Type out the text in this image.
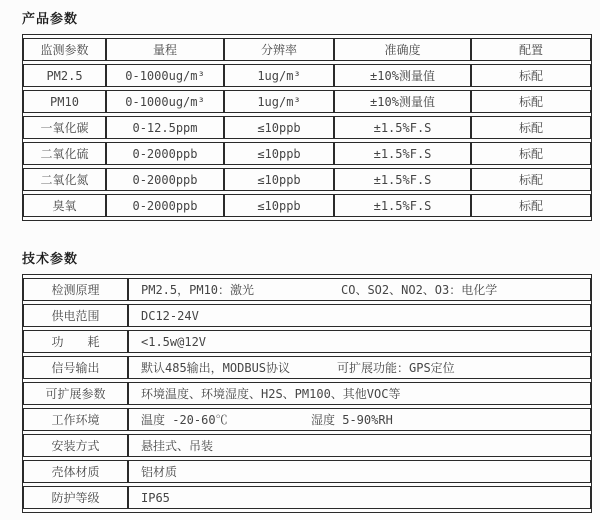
产品参数
监测参数	量程	分辨率	准确度	配置
PM2.5	0-1000ug/m³	1ug/m³	±10%测量值	标配
PM10	0-1000ug/m³	1ug/m³	±10%测量值	标配
一氧化碳	0-12.5ppm	≤10ppb	±1.5%F.S	标配
二氧化硫	0-2000ppb	≤10ppb	±1.5%F.S	标配
二氧化氮	0-2000ppb	≤10ppb	±1.5%F.S	标配
臭氧	0-2000ppb	≤10ppb	±1.5%F.S	标配
技术参数
检测原理	PM2.5，PM10：激光 CO、SO2、NO2、O3：电化学
供电范围	DC12-24V
功　　耗	<1.5w@12V
信号输出	默认485输出，MODBUS协议 可扩展功能：GPS定位
可扩展参数	环境温度、环境湿度、H2S、PM100、其他VOC等
工作环境	温度 -20-60℃ 湿度 5-90%RH
安装方式	悬挂式、吊装
壳体材质	铝材质
防护等级	IP65
